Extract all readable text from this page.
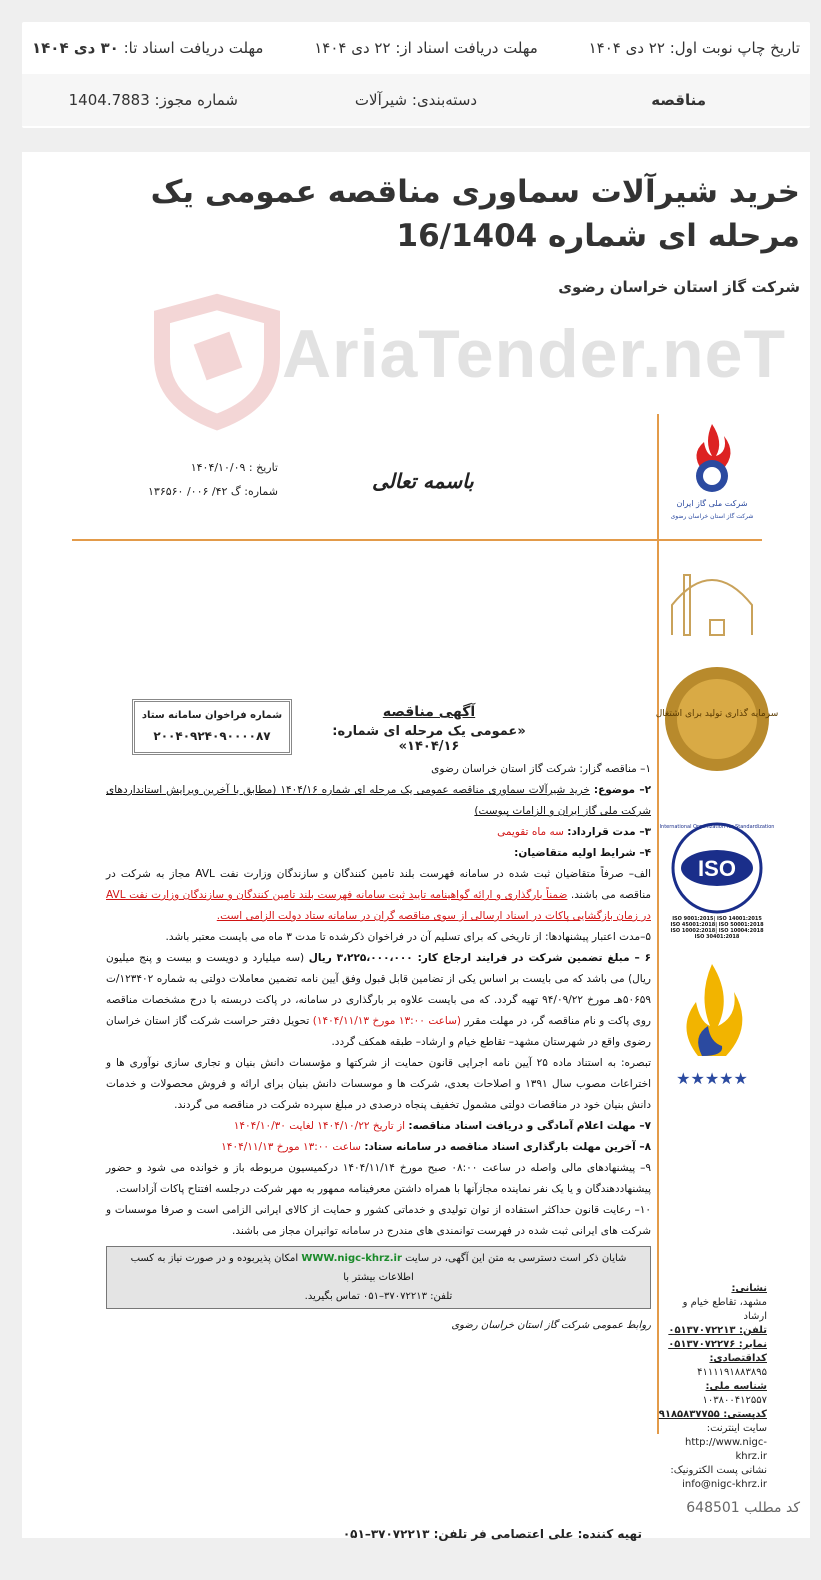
تاریخ چاپ نوبت اول: ۲۲ دی ۱۴۰۴
مهلت دریافت اسناد از: ۲۲ دی ۱۴۰۴
مهلت دریافت اسناد تا: ۳۰ دی ۱۴۰۴
مناقصه
دسته‌بندی: شیرآلات
شماره مجوز: 1404.7883
خرید شیرآلات سماوری مناقصه عمومی یک مرحله ای شماره 16/1404
شرکت گاز استان خراسان رضوی
AriaTender.neT
تاریخ : ۱۴۰۴/۱۰/۰۹
شماره: گ ۴۲/ ۰۰۶/ ۱۳۶۵۶۰	باسمه تعالی
شماره فراخوان سامانه ستاد
۲۰۰۴۰۹۲۴۰۹۰۰۰۰۸۷
آگهی مناقصه
«عمومی یک مرحله ای شماره: ۱۴۰۴/۱۶»

۱– مناقصه گزار: شرکت گاز استان خراسان رضوی

۲– موضوع: خرید شیرآلات سماوری مناقصه عمومی یک مرحله ای شماره ۱۴۰۴/۱۶ (مطابق با آخرین ویرایش استانداردهای شرکت ملی گاز ایران و الزامات پیوست)

۳– مدت قرارداد: سه ماه تقویمی

۴– شرایط اولیه متقاضیان:

الف– صرفاً متقاضیان ثبت شده در سامانه فهرست بلند تامین کنندگان و سازندگان وزارت نفت AVL مجاز به شرکت در مناقصه می باشند. ضمناً بارگذاری و ارائه گواهینامه تایید ثبت سامانه فهرست بلند تامین کنندگان و سازندگان وزارت نفت AVL در زمان بازگشایی پاکات در اسناد ارسالی از سوی مناقصه گران در سامانه ستاد دولت الزامی است.

۵–مدت اعتبار پیشنهادها: از تاریخی که برای تسلیم آن در فراخوان ذکرشده تا مدت ۳ ماه می بایست معتبر باشد.

۶ – مبلغ تضمین شرکت در فرایند ارجاع کار: ۳،۲۲۵،۰۰۰،۰۰۰ ریال (سه میلیارد و دویست و بیست و پنج میلیون ریال) می باشد که می بایست بر اساس یکی از تضامین قابل قبول وفق آیین نامه تضمین معاملات دولتی به شماره ۱۲۳۴۰۲/ت ۵۰۶۵۹هـ مورخ ۹۴/۰۹/۲۲ تهیه گردد. که می بایست علاوه بر بارگذاری در سامانه، در پاکت دربسته با درج مشخصات مناقصه روی پاکت و نام مناقصه گر، در مهلت مقرر (ساعت ۱۳:۰۰ مورخ ۱۴۰۴/۱۱/۱۳) تحویل دفتر حراست شرکت گاز استان خراسان رضوی واقع در شهرستان مشهد– تقاطع خیام و ارشاد– طبقه همکف گردد.

تبصره: به استناد ماده ۲۵ آیین نامه اجرایی قانون حمایت از شرکتها و مؤسسات دانش بنیان و تجاری سازی نوآوری ها و اختراعات مصوب سال ۱۳۹۱ و اصلاحات بعدی، شرکت ها و موسسات دانش بنیان برای ارائه و فروش محصولات و خدمات دانش بنیان خود در مناقصات دولتی مشمول تخفیف پنجاه درصدی در مبلغ سپرده شرکت در مناقصه می گردند.

۷– مهلت اعلام آمادگی و دریافت اسناد مناقصه: از تاریخ ۱۴۰۴/۱۰/۲۲ لغایت ۱۴۰۴/۱۰/۳۰

۸– آخرین مهلت بارگذاری اسناد مناقصه در سامانه ستاد: ساعت ۱۳:۰۰ مورخ ۱۴۰۴/۱۱/۱۳

۹– پیشنهادهای مالی واصله در ساعت ۰۸:۰۰ صبح مورخ ۱۴۰۴/۱۱/۱۴ درکمیسیون مربوطه باز و خوانده می شود و حضور پیشنهاددهندگان و یا یک نفر نماینده مجازآنها با همراه داشتن معرفینامه ممهور به مهر شرکت درجلسه افتتاح پاکات آزاداست.

۱۰– رعایت قانون حداکثر استفاده از توان تولیدی و خدماتی کشور و حمایت از کالای ایرانی الزامی است و صرفا موسسات و شرکت های ایرانی ثبت شده در فهرست توانمندی های مندرج در سامانه توانیران مجاز می باشند.

شایان ذکر است دسترسی به متن این آگهی، در سایت WWW.nigc-khrz.ir امکان پذیربوده و در صورت نیاز به کسب اطلاعات بیشتر با
تلفن: ۳۷۰۷۲۲۱۳–۰۵۱ تماس بگیرید.
روابط عمومی شرکت گاز استان خراسان رضوی
تهیه کننده: علی اعتصامی فر تلفن: ۳۷۰۷۲۲۱۳–۰۵۱
شرکت ملی گاز ایران
شرکت گاز استان خراسان رضوی

سرمایه گذاری تولید برای اشتغال

International Organization for Standardization
ISO
ISO 9001:2015| ISO 14001:2015
ISO 45001:2018| ISO 50001:2018
ISO 10002:2018| ISO 10004:2018
ISO 30401:2018

★★★★★
نشانی:
مشهد، تقاطع خیام و ارشاد
تلفن: ۰۵۱۳۷۰۷۲۲۱۳
نمابر: ۰۵۱۳۷۰۷۲۲۷۶
کداقتصادی:
۴۱۱۱۱۹۱۸۸۳۸۹۵
شناسه ملی:
۱۰۳۸۰۰۴۱۲۵۵۷
کدپستی: ۹۱۸۵۸۳۷۷۵۵
سایت اینترنت:
http://www.nigc-khrz.ir
نشانی پست الکترونیک:
info@nigc-khrz.ir
کد مطلب 648501
